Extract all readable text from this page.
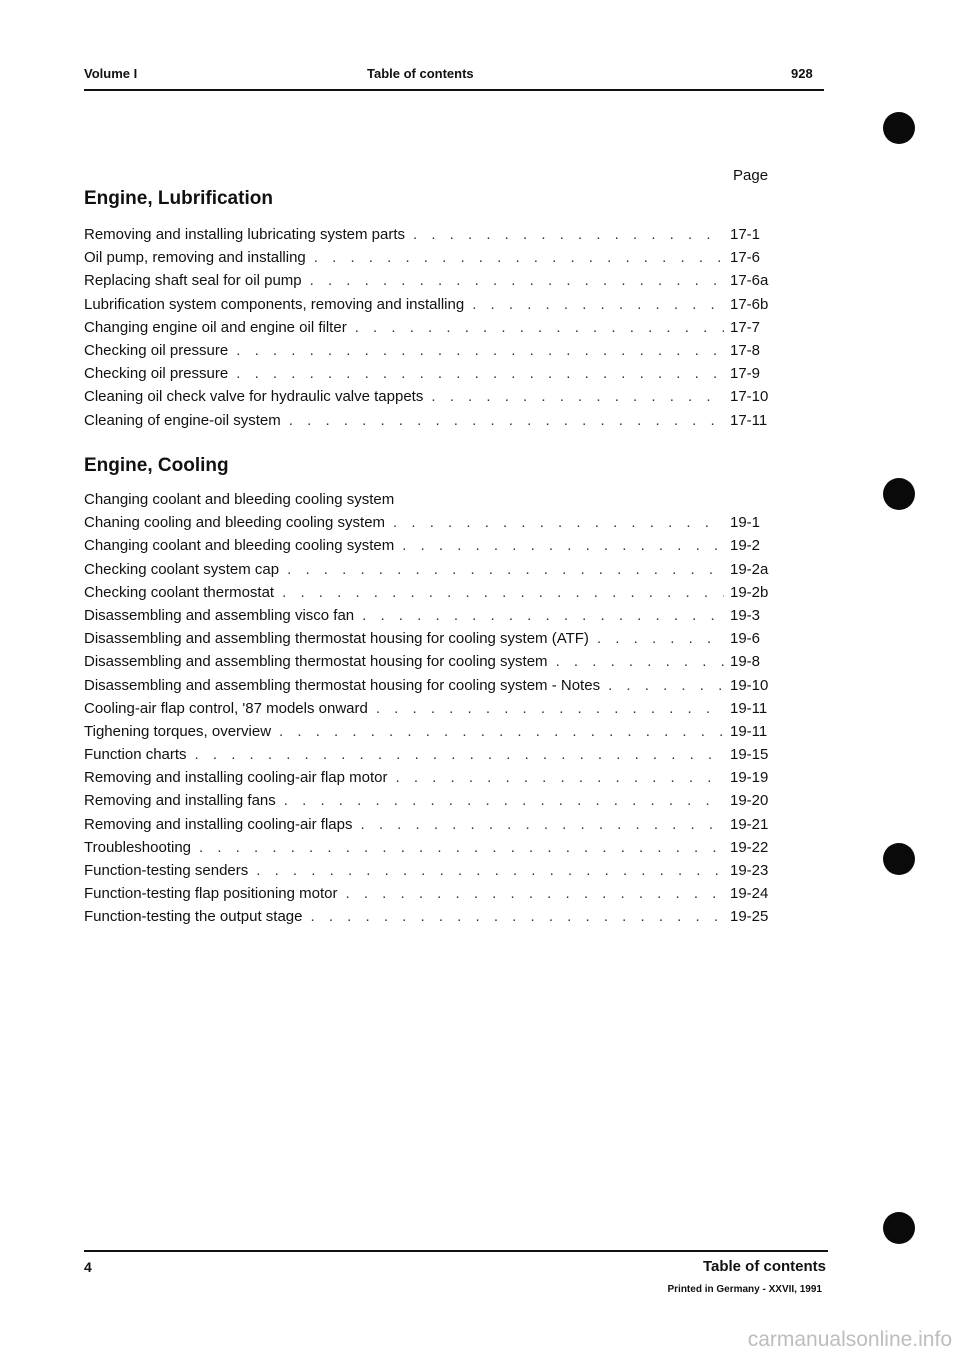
Volume I	Table of contents	928
Page
Engine, Lubrification
Removing and installing lubricating system parts . . .	17-1
Oil pump, removing and installing . . .	17-6
Replacing shaft seal for oil pump . . .	17-6a
Lubrification system components, removing and installing . . .	17-6b
Changing engine oil and engine oil filter . . .	17-7
Checking oil pressure . . .	17-8
Checking oil pressure . . .	17-9
Cleaning oil check valve for hydraulic valve tappets . . .	17-10
Cleaning of engine-oil system . . .	17-11
Engine, Cooling
Changing coolant and bleeding cooling system
Chaning cooling and bleeding cooling system . . .	19-1
Changing coolant and bleeding cooling system . . .	19-2
Checking coolant system cap . . .	19-2a
Checking coolant thermostat . . .	19-2b
Disassembling and assembling visco fan . . .	19-3
Disassembling and assembling thermostat housing for cooling system (ATF) . . .	19-6
Disassembling and assembling thermostat housing for cooling system . . .	19-8
Disassembling and assembling thermostat housing for cooling system - Notes . . .	19-10
Cooling-air flap control, '87 models onward . . .	19-11
Tighening torques, overview . . .	19-11
Function charts . . .	19-15
Removing and installing cooling-air flap motor . . .	19-19
Removing and installing fans . . .	19-20
Removing and installing cooling-air flaps . . .	19-21
Troubleshooting . . .	19-22
Function-testing senders . . .	19-23
Function-testing flap positioning motor . . .	19-24
Function-testing the output stage . . .	19-25
4	Table of contents
Printed in Germany - XXVII, 1991
carmanualsonline.info
